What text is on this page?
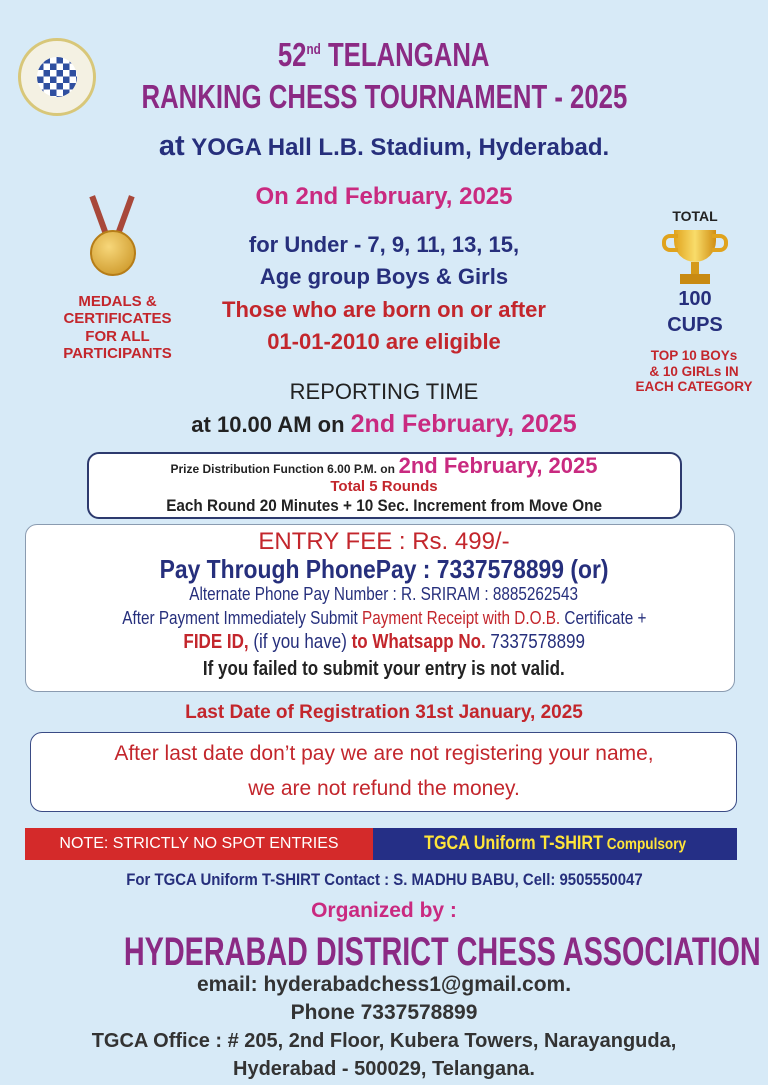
52nd TELANGANA
RANKING CHESS TOURNAMENT - 2025
at YOGA Hall L.B. Stadium, Hyderabad.
On 2nd February, 2025
for Under - 7, 9, 11, 13, 15,
Age group Boys & Girls
Those who are born on or after
01-01-2010 are eligible
MEDALS &
CERTIFICATES
FOR ALL
PARTICIPANTS
TOTAL
100
CUPS
TOP 10 BOYs
& 10 GIRLs IN
EACH CATEGORY
REPORTING TIME
at 10.00 AM on 2nd February, 2025
Prize Distribution Function 6.00 P.M. on 2nd February, 2025
Total 5 Rounds
Each Round 20 Minutes + 10 Sec. Increment from Move One
ENTRY FEE : Rs. 499/-
Pay Through PhonePay : 7337578899 (or)
Alternate Phone Pay Number : R. SRIRAM : 8885262543
After Payment Immediately Submit Payment Receipt with D.O.B. Certificate +
FIDE ID, (if you have) to Whatsapp No. 7337578899
If you failed to submit your entry is not valid.
Last Date of Registration 31st January, 2025
After last date don’t pay we are not registering your name,
we are not refund the money.
NOTE: STRICTLY NO SPOT ENTRIES	TGCA Uniform T-SHIRT Compulsory
For TGCA Uniform T-SHIRT Contact : S. MADHU BABU, Cell: 9505550047
Organized by :
HYDERABAD DISTRICT CHESS ASSOCIATION
email: hyderabadchess1@gmail.com.
Phone 7337578899
TGCA Office : # 205, 2nd Floor, Kubera Towers, Narayanguda,
Hyderabad - 500029, Telangana.
